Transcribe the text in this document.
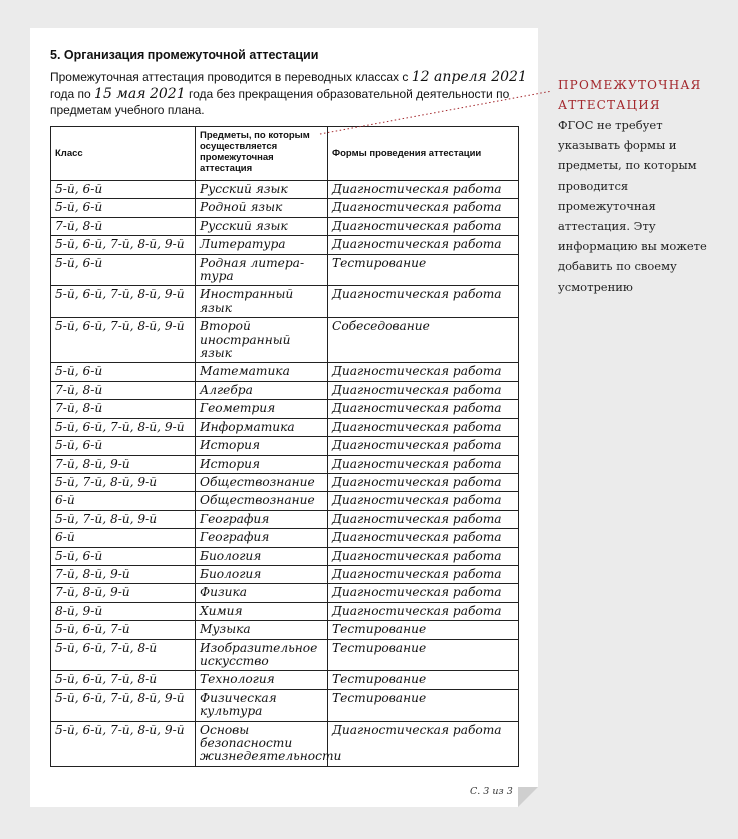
5. Организация промежуточной аттестации
Промежуточная аттестация проводится в переводных классах с 12 апреля 2021 года по 15 мая 2021 года без прекращения образовательной деятельности по предметам учебного плана.
Класс	Предметы, по которым осуществляется промежуточная аттестация	Формы проведения аттестации
5-й, 6-й	Русский язык	Диагностическая работа
5-й, 6-й	Родной язык	Диагностическая работа
7-й, 8-й	Русский язык	Диагностическая работа
5-й, 6-й, 7-й, 8-й, 9-й	Литература	Диагностическая работа
5-й, 6-й	Родная литера-тура	Тестирование
5-й, 6-й, 7-й, 8-й, 9-й	Иностранный язык	Диагностическая работа
5-й, 6-й, 7-й, 8-й, 9-й	Второй иностранный язык	Собеседование
5-й, 6-й	Математика	Диагностическая работа
7-й, 8-й	Алгебра	Диагностическая работа
7-й, 8-й	Геометрия	Диагностическая работа
5-й, 6-й, 7-й, 8-й, 9-й	Информатика	Диагностическая работа
5-й, 6-й	История	Диагностическая работа
7-й, 8-й, 9-й	История	Диагностическая работа
5-й, 7-й, 8-й, 9-й	Обществознание	Диагностическая работа
6-й	Обществознание	Диагностическая работа
5-й, 7-й, 8-й, 9-й	География	Диагностическая работа
6-й	География	Диагностическая работа
5-й, 6-й	Биология	Диагностическая работа
7-й, 8-й, 9-й	Биология	Диагностическая работа
7-й, 8-й, 9-й	Физика	Диагностическая работа
8-й, 9-й	Химия	Диагностическая работа
5-й, 6-й, 7-й	Музыка	Тестирование
5-й, 6-й, 7-й, 8-й	Изобразительное искусство	Тестирование
5-й, 6-й, 7-й, 8-й	Технология	Тестирование
5-й, 6-й, 7-й, 8-й, 9-й	Физическая культура	Тестирование
5-й, 6-й, 7-й, 8-й, 9-й	Основы безопасности жизнедеятельности	Диагностическая работа
С. 3 из 3
ПРОМЕЖУТОЧНАЯ АТТЕСТАЦИЯ
ФГОС не требует указывать формы и предметы, по которым проводится промежуточная аттестация. Эту информацию вы можете добавить по своему усмотрению
